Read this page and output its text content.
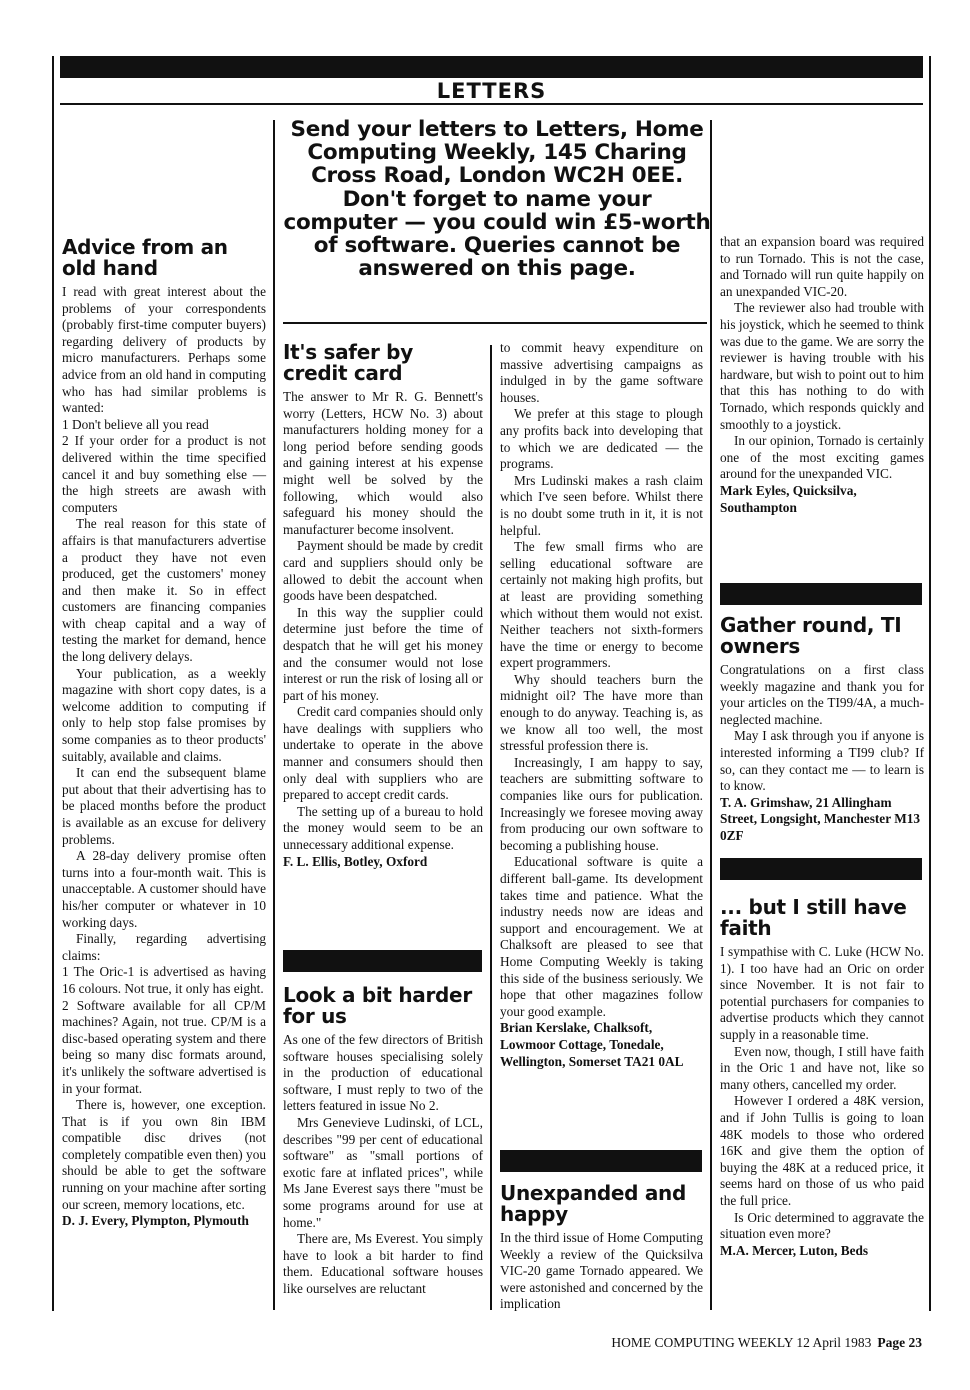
LETTERS
Send your letters to Letters, Home Computing Weekly, 145 Charing Cross Road, London WC2H 0EE. Don't forget to name your computer — you could win £5-worth of software. Queries cannot be answered on this page.
Advice from an old hand

I read with great interest about the problems of your correspondents (probably first-time computer buyers) regarding delivery of products by micro manufacturers. Perhaps some advice from an old hand in computing who has had similar problems is wanted:

1 Don't believe all you read

2 If your order for a product is not delivered within the time specified cancel it and buy something else — the high streets are awash with computers

The real reason for this state of affairs is that manufacturers advertise a product they have not even produced, get the customers' money and then make it. So in effect customers are financing companies with cheap capital and a way of testing the market for demand, hence the long delivery delays.

Your publication, as a weekly magazine with short copy dates, is a welcome addition to computing if only to help stop false promises by some companies as to theor products' suitably, available and claims.

It can end the subsequent blame put about that their advertising has to be placed months before the product is available as an excuse for delivery problems.

A 28-day delivery promise often turns into a four-month wait. This is unacceptable. A customer should have his/her computer or whatever in 10 working days.

Finally, regarding advertising claims:

1 The Oric-1 is advertised as having 16 colours. Not true, it only has eight.

2 Software available for all CP/M machines? Again, not true. CP/M is a disc-based operating system and there being so many disc formats around, it's unlikely the software advertised is in your format.

There is, however, one exception. That is if you own 8in IBM compatible disc drives (not completely compatible even then) you should be able to get the software running on your machine after sorting our screen, memory locations, etc.

D. J. Every, Plympton, Plymouth

It's safer by credit card

The answer to Mr R. G. Bennett's worry (Letters, HCW No. 3) about manufacturers holding money for a long period before sending goods and gaining interest at his expense might well be solved by the following, which would also safeguard his money should the manufacturer become insolvent.

Payment should be made by credit card and suppliers should only be allowed to debit the account when goods have been despatched.

In this way the supplier could determine just before the time of despatch that he will get his money and the consumer would not lose interest or run the risk of losing all or part of his money.

Credit card companies should only have dealings with suppliers who undertake to operate in the above manner and consumers should then only deal with suppliers who are prepared to accept credit cards.

The setting up of a bureau to hold the money would seem to be an unnecessary additional expense.

F. L. Ellis, Botley, Oxford

Look a bit harder for us

As one of the few directors of British software houses specialising solely in the production of educational software, I must reply to two of the letters featured in issue No 2.

Mrs Genevieve Ludinski, of LCL, describes "99 per cent of educational software" as "small portions of exotic fare at inflated prices", while Ms Jane Everest says there "must be some programs around for use at home."

There are, Ms Everest. You simply have to look a bit harder to find them. Educational software houses like ourselves are reluctant

to commit heavy expenditure on massive advertising campaigns as indulged in by the game software houses.

We prefer at this stage to plough any profits back into developing that to which we are dedicated — the programs.

Mrs Ludinski makes a rash claim which I've seen before. Whilst there is no doubt some truth in it, it is not helpful.

The few small firms who are selling educational software are certainly not making high profits, but at least are providing something which without them would not exist. Neither teachers not sixth-formers have the time or energy to become expert programmers.

Why should teachers burn the midnight oil? The have more than enough to do anyway. Teaching is, as we know all too well, the most stressful profession there is.

Increasingly, I am happy to say, teachers are submitting software to companies like ours for publication. Increasingly we foresee moving away from producing our own software to becoming a publishing house.

Educational software is quite a different ball-game. Its development takes time and patience. What the industry needs now are ideas and support and encouragement. We at Chalksoft are pleased to see that Home Computing Weekly is taking this side of the business seriously. We hope that other magazines follow your good example.

Brian Kerslake, Chalksoft, Lowmoor Cottage, Tonedale, Wellington, Somerset TA21 0AL

Unexpanded and happy

In the third issue of Home Computing Weekly a review of the Quicksilva VIC-20 game Tornado appeared. We were astonished and concerned by the implication

that an expansion board was required to run Tornado. This is not the case, and Tornado will run quite happily on an unexpanded VIC-20.

The reviewer also had trouble with his joystick, which he seemed to think was due to the game. We are sorry the reviewer is having trouble with his hardware, but wish to point out to him that this has nothing to do with Tornado, which responds quickly and smoothly to a joystick.

In our opinion, Tornado is certainly one of the most exciting games around for the unexpanded VIC.

Mark Eyles, Quicksilva, Southampton

Gather round, TI owners

Congratulations on a first class weekly magazine and thank you for your articles on the TI99/4A, a much-neglected machine.

May I ask through you if anyone is interested informing a TI99 club? If so, can they contact me — to learn is to know.

T. A. Grimshaw, 21 Allingham Street, Longsight, Manchester M13 0ZF

... but I still have faith

I sympathise with C. Luke (HCW No. 1). I too have had an Oric on order since November. It is not fair to potential purchasers for companies to advertise products which they cannot supply in a reasonable time.

Even now, though, I still have faith in the Oric 1 and have not, like so many others, cancelled my order.

However I ordered a 48K version, and if John Tullis is going to loan 48K models to those who ordered 16K and give them the option of buying the 48K at a reduced price, it seems hard on those of us who paid the full price.

Is Oric determined to aggravate the situation even more?

M.A. Mercer, Luton, Beds

HOME COMPUTING WEEKLY 12 April 1983 Page 23
